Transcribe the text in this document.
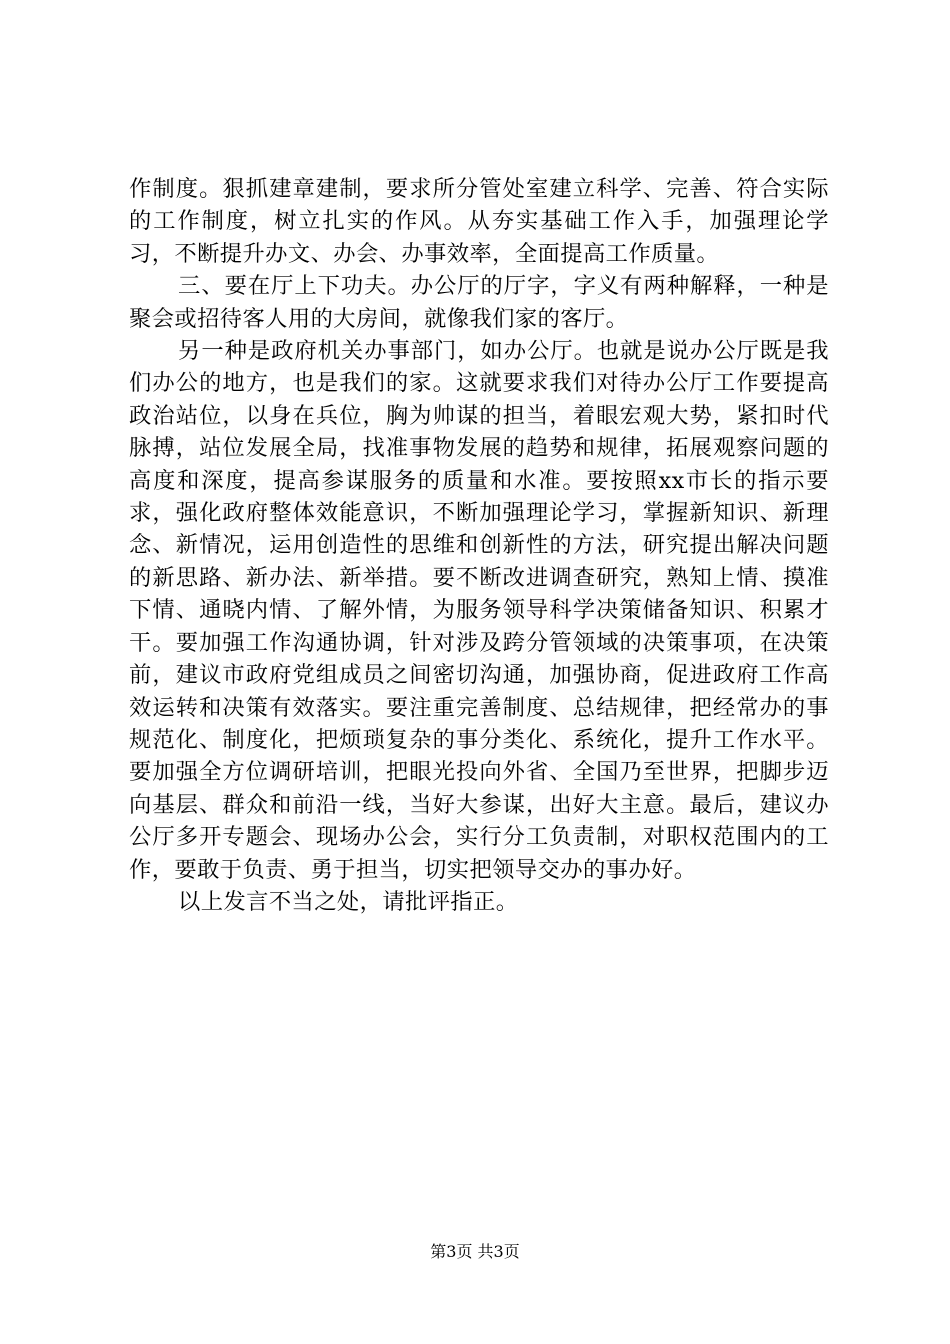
作制度。狠抓建章建制，要求所分管处室建立科学、完善、符合实际的工作制度，树立扎实的作风。从夯实基础工作入手，加强理论学习，不断提升办文、办会、办事效率，全面提高工作质量。

三、要在厅上下功夫。办公厅的厅字，字义有两种解释，一种是聚会或招待客人用的大房间，就像我们家的客厅。

另一种是政府机关办事部门，如办公厅。也就是说办公厅既是我们办公的地方，也是我们的家。这就要求我们对待办公厅工作要提高政治站位，以身在兵位，胸为帅谋的担当，着眼宏观大势，紧扣时代脉搏，站位发展全局，找准事物发展的趋势和规律，拓展观察问题的高度和深度，提高参谋服务的质量和水准。要按照xx市长的指示要求，强化政府整体效能意识，不断加强理论学习，掌握新知识、新理念、新情况，运用创造性的思维和创新性的方法，研究提出解决问题的新思路、新办法、新举措。要不断改进调查研究，熟知上情、摸准下情、通晓内情、了解外情，为服务领导科学决策储备知识、积累才干。要加强工作沟通协调，针对涉及跨分管领域的决策事项，在决策前，建议市政府党组成员之间密切沟通，加强协商，促进政府工作高效运转和决策有效落实。要注重完善制度、总结规律，把经常办的事规范化、制度化，把烦琐复杂的事分类化、系统化，提升工作水平。要加强全方位调研培训，把眼光投向外省、全国乃至世界，把脚步迈向基层、群众和前沿一线，当好大参谋，出好大主意。最后，建议办公厅多开专题会、现场办公会，实行分工负责制，对职权范围内的工作，要敢于负责、勇于担当，切实把领导交办的事办好。

以上发言不当之处，请批评指正。

第3页 共3页
